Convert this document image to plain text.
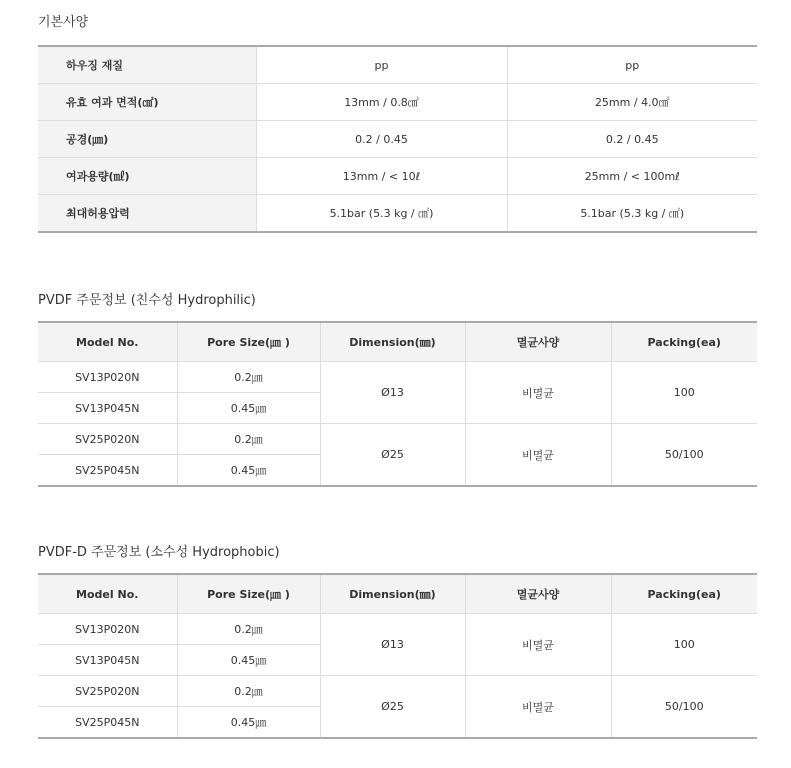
기본사양
하우징 재질	pp	pp
유효 여과 면적(㎠)	13mm / 0.8㎠	25mm / 4.0㎠
공경(㎛)	0.2 / 0.45	0.2 / 0.45
여과용량(㎖)	13mm / < 10ℓ	25mm / < 100mℓ
최대허용압력	5.1bar (5.3 kg / ㎠)	5.1bar (5.3 kg / ㎠)
PVDF 주문정보 (친수성 Hydrophilic)
Model No.	Pore Size(㎛ )	Dimension(㎜)	멸균사양	Packing(ea)
SV13P020N	0.2㎛	Ø13	비멸균	100
SV13P045N	0.45㎛			
SV25P020N	0.2㎛	Ø25	비멸균	50/100
SV25P045N	0.45㎛			
PVDF-D 주문정보 (소수성 Hydrophobic)
Model No.	Pore Size(㎛ )	Dimension(㎜)	멸균사양	Packing(ea)
SV13P020N	0.2㎛	Ø13	비멸균	100
SV13P045N	0.45㎛			
SV25P020N	0.2㎛	Ø25	비멸균	50/100
SV25P045N	0.45㎛			
